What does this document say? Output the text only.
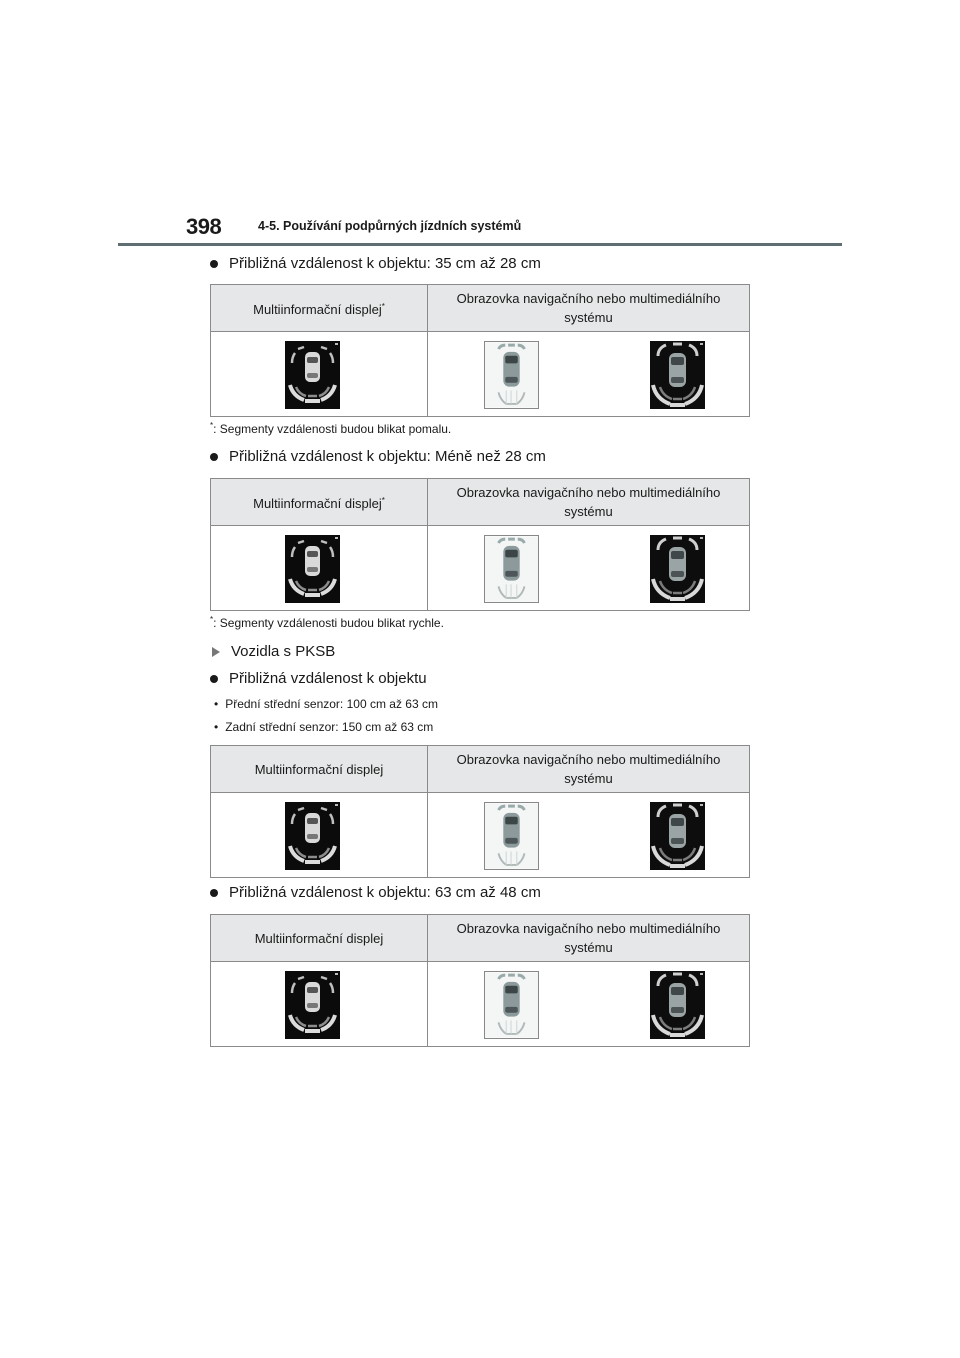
398	4-5. Používání podpůrných jízdních systémů
Přibližná vzdálenost k objektu: 35 cm až 28 cm
Multiinformační displej*	Obrazovka navigačního nebo multimediálního systému

*: Segmenty vzdálenosti budou blikat pomalu.
Přibližná vzdálenost k objektu: Méně než 28 cm
Multiinformační displej*	Obrazovka navigačního nebo multimediálního systému

*: Segmenty vzdálenosti budou blikat rychle.
Vozidla s PKSB
Přibližná vzdálenost k objektu
• Přední střední senzor: 100 cm až 63 cm
• Zadní střední senzor: 150 cm až 63 cm
Multiinformační displej	Obrazovka navigačního nebo multimediálního systému

Přibližná vzdálenost k objektu: 63 cm až 48 cm
Multiinformační displej	Obrazovka navigačního nebo multimediálního systému
